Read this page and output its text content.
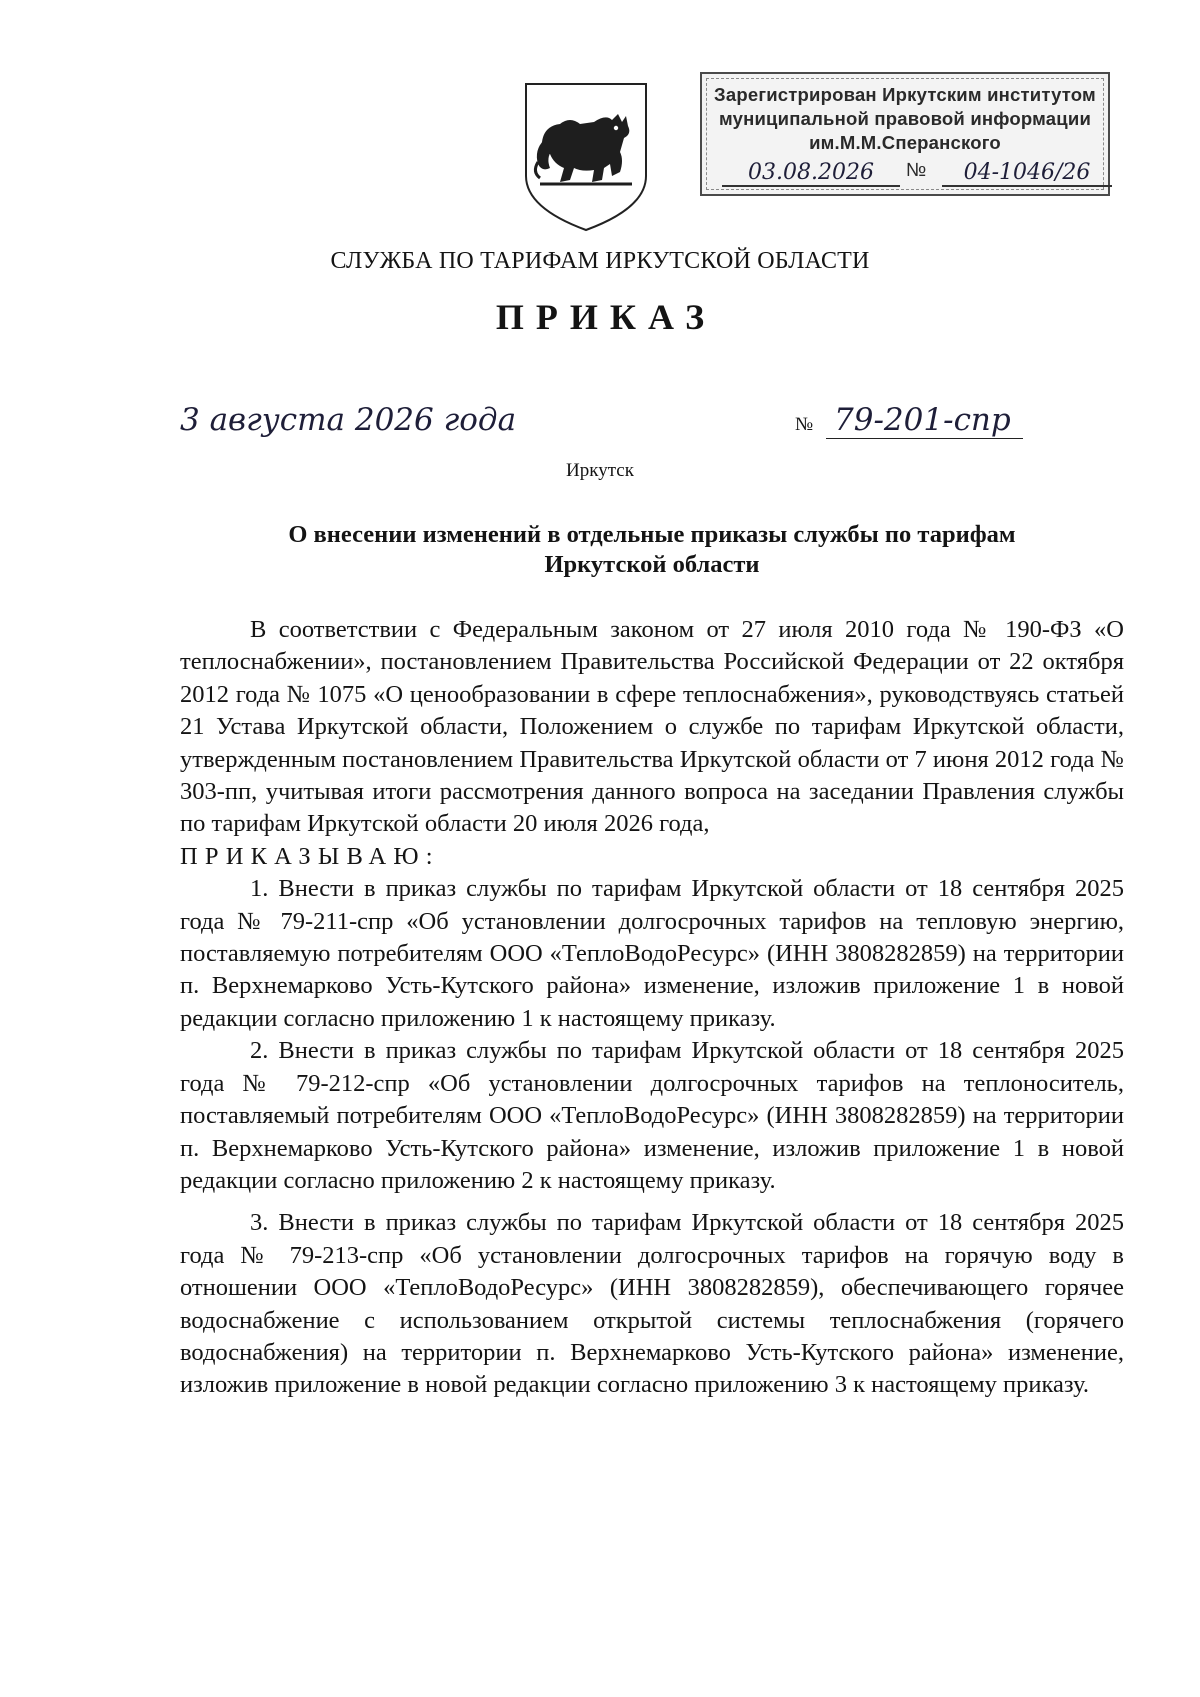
Зарегистрирован Иркутским институтом
муниципальной правовой информации
им.М.М.Сперанского
03.08.2026	№	04-1046/26
СЛУЖБА ПО ТАРИФАМ ИРКУТСКОЙ ОБЛАСТИ
ПРИКАЗ
3 августа 2026 года	№ 79-201-спр
Иркутск
О внесении изменений в отдельные приказы службы по тарифам
Иркутской области

В соответствии с Федеральным законом от 27 июля 2010 года № 190-ФЗ «О теплоснабжении», постановлением Правительства Российской Федерации от 22 октября 2012 года № 1075 «О ценообразовании в сфере теплоснабжения», руководствуясь статьей 21 Устава Иркутской области, Положением о службе по тарифам Иркутской области, утвержденным постановлением Правительства Иркутской области от 7 июня 2012 года № 303-пп, учитывая итоги рассмотрения данного вопроса на заседании Правления службы по тарифам Иркутской области 20 июля 2026 года,

ПРИКАЗЫВАЮ:

1. Внести в приказ службы по тарифам Иркутской области от 18 сентября 2025 года № 79-211-спр «Об установлении долгосрочных тарифов на тепловую энергию, поставляемую потребителям ООО «ТеплоВодоРесурс» (ИНН 3808282859) на территории п. Верхнемарково Усть-Кутского района» изменение, изложив приложение 1 в новой редакции согласно приложению 1 к настоящему приказу.

2. Внести в приказ службы по тарифам Иркутской области от 18 сентября 2025 года № 79-212-спр «Об установлении долгосрочных тарифов на теплоноситель, поставляемый потребителям ООО «ТеплоВодоРесурс» (ИНН 3808282859) на территории п. Верхнемарково Усть-Кутского района» изменение, изложив приложение 1 в новой редакции согласно приложению 2 к настоящему приказу.

3. Внести в приказ службы по тарифам Иркутской области от 18 сентября 2025 года № 79-213-спр «Об установлении долгосрочных тарифов на горячую воду в отношении ООО «ТеплоВодоРесурс» (ИНН 3808282859), обеспечивающего горячее водоснабжение с использованием открытой системы теплоснабжения (горячего водоснабжения) на территории п. Верхнемарково Усть-Кутского района» изменение, изложив приложение в новой редакции согласно приложению 3 к настоящему приказу.
